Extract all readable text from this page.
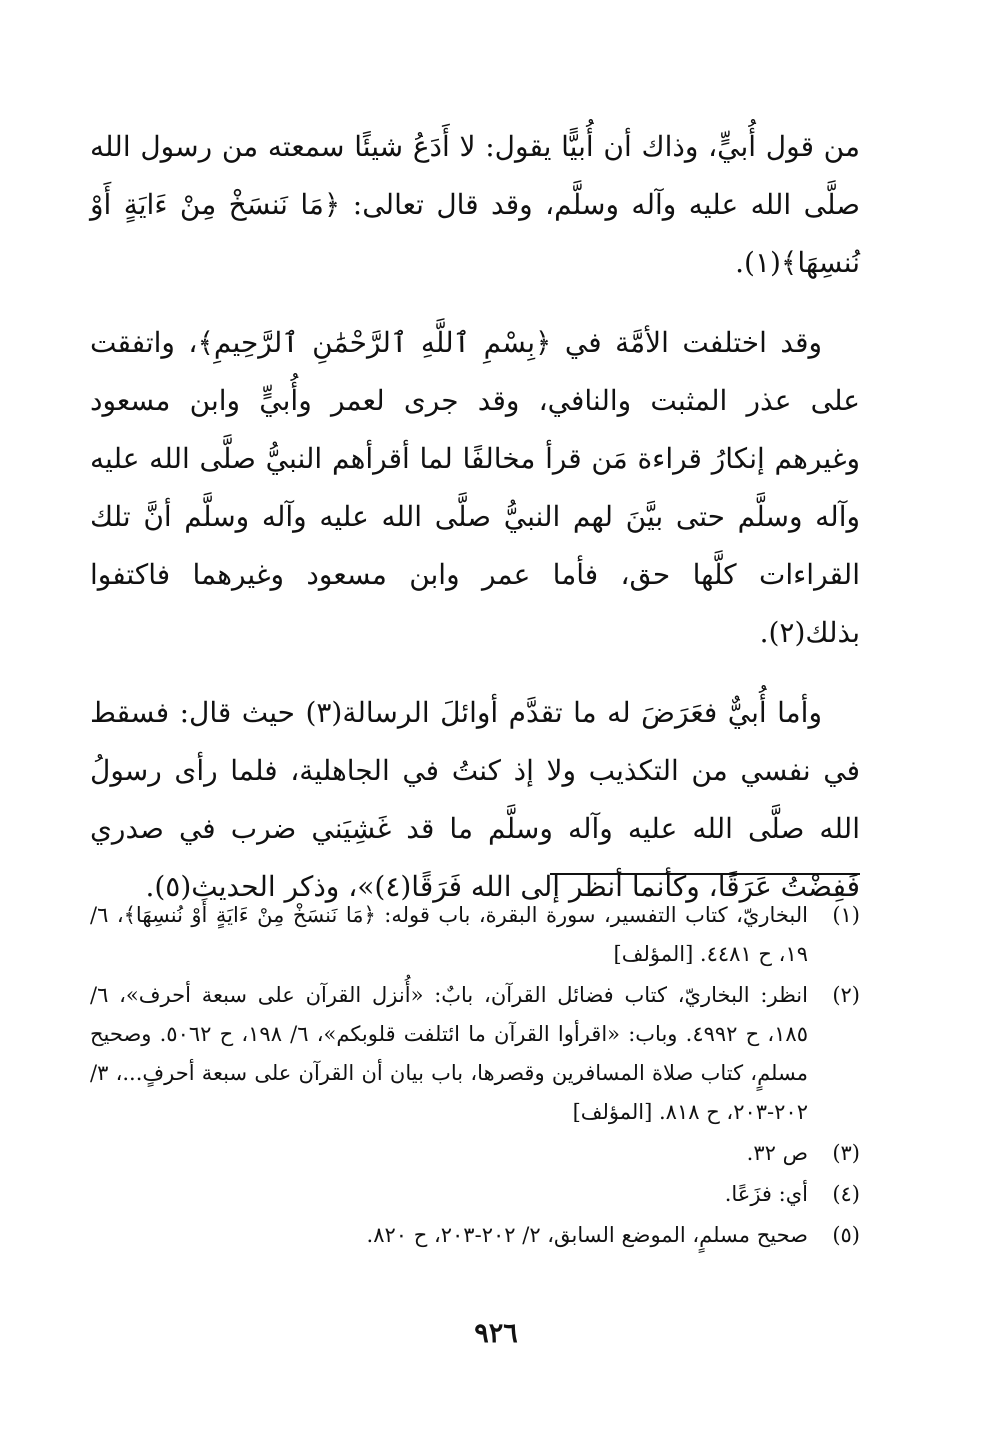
من قول أُبيٍّ، وذاك أن أُبيًّا يقول: لا أَدَعُ شيئًا سمعته من رسول الله صلَّى الله عليه وآله وسلَّم، وقد قال تعالى: ﴿مَا نَنسَخْ مِنْ ءَايَةٍ أَوْ نُنسِهَا﴾(١).

وقد اختلفت الأمَّة في ﴿بِسْمِ ٱللَّهِ ٱلرَّحْمَٰنِ ٱلرَّحِيمِ﴾، واتفقت على عذر المثبت والنافي، وقد جرى لعمر وأُبيٍّ وابن مسعود وغيرهم إنكارُ قراءة مَن قرأ مخالفًا لما أقرأهم النبيُّ صلَّى الله عليه وآله وسلَّم حتى بيَّنَ لهم النبيُّ صلَّى الله عليه وآله وسلَّم أنَّ تلك القراءات كلَّها حق، فأما عمر وابن مسعود وغيرهما فاكتفوا بذلك(٢).

وأما أُبيٌّ فعَرَضَ له ما تقدَّم أوائلَ الرسالة(٣) حيث قال: فسقط في نفسي من التكذيب ولا إذ كنتُ في الجاهلية، فلما رأى رسولُ الله صلَّى الله عليه وآله وسلَّم ما قد غَشِيَني ضرب في صدري فَفِضْتُ عَرَقًا، وكأنما أنظر إلى الله فَرَقًا(٤)»، وذكر الحديث(٥).

(١)
البخاريّ، كتاب التفسير، سورة البقرة، باب قوله: ﴿مَا نَنسَخْ مِنْ ءَايَةٍ أَوْ نُنسِهَا﴾، ٦/ ١٩، ح ٤٤٨١. [المؤلف]
(٢)
انظر: البخاريّ، كتاب فضائل القرآن، بابٌ: «أُنزل القرآن على سبعة أحرف»، ٦/ ١٨٥، ح ٤٩٩٢. وباب: «اقرأوا القرآن ما ائتلفت قلوبكم»، ٦/ ١٩٨، ح ٥٠٦٢. وصحيح مسلمٍ، كتاب صلاة المسافرين وقصرها، باب بيان أن القرآن على سبعة أحرفٍ...، ٣/ ٢٠٢-٢٠٣، ح ٨١٨. [المؤلف]
(٣)
ص ٣٢.
(٤)
أي: فزَعًا.
(٥)
صحيح مسلمٍ، الموضع السابق، ٢/ ٢٠٢-٢٠٣، ح ٨٢٠.
٩٢٦
